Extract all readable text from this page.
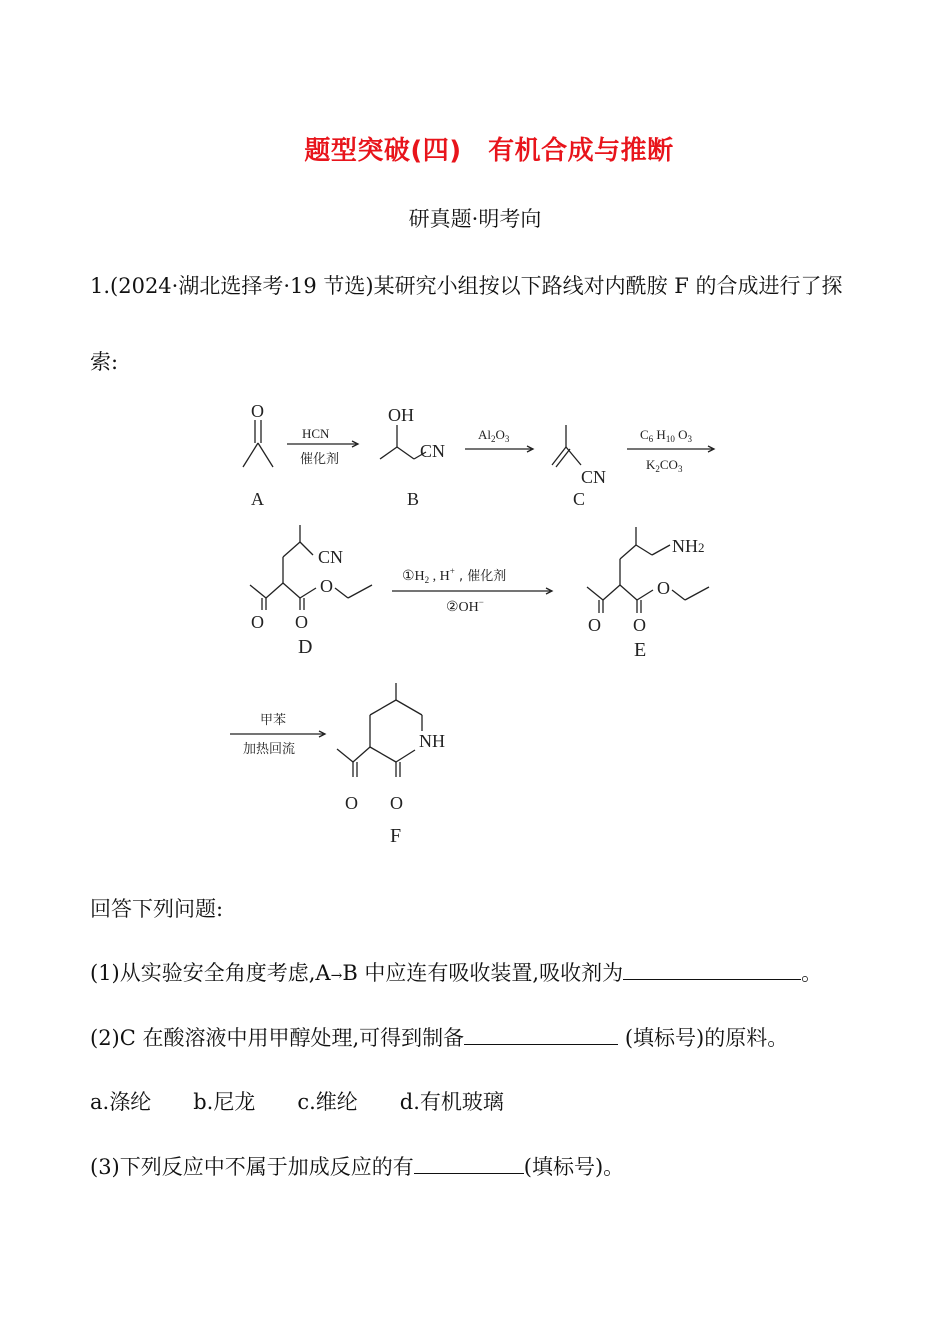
题型突破(四)　有机合成与推断
研真题·明考向
1.(2024·湖北选择考·19 节选)某研究小组按以下路线对内酰胺 F 的合成进行了探
索:
O
A
HCN
催化剂
OH
CN
B
$Al_2O_3$
CN
C
$C_6$ $H_{10}$ $O_3$
$K_2CO_3$
CN
O
O O
D
$①H_2$ , H+ , 催化剂
②OH−
NH2
O
O O
E
甲苯
加热回流	NH
O O
F
回答下列问题:
(1)从实验安全角度考虑,A→B 中应连有吸收装置,吸收剂为	。
(2)C 在酸溶液中用甲醇处理,可得到制备	(填标号)的原料。
a.涤纶 b.尼龙 c.维纶 d.有机玻璃
(3)下列反应中不属于加成反应的有	(填标号)。
